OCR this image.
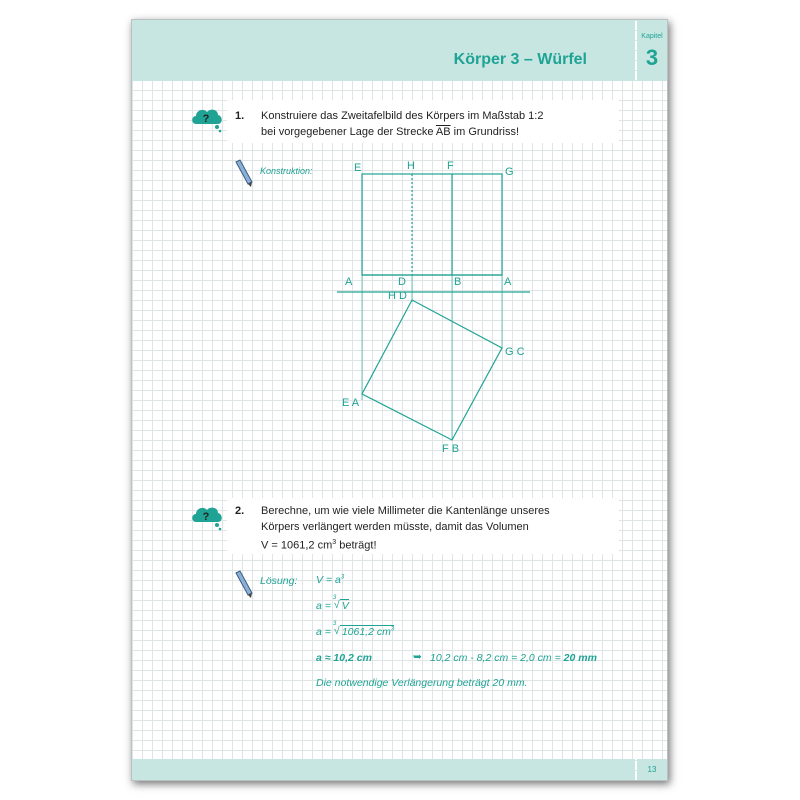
Körper 3 – Würfel
Kapitel
3
? 1. Konstruiere das Zweitafelbild des Körpers im Maßstab 1:2
bei vorgegebener Lage der Strecke $\overline{AB}$ im Grundriss!
Konstruktion:	E	H	F	G
A	D	B	A
H D
G C
E A
F B
? 2. Berechne, um wie viele Millimeter die Kantenlänge unseres
Körpers verlängert werden müsste, damit das Volumen
V = 1061,2 $cm^3$ beträgt!
Lösung: $V = a^3$
a =
3
√ V
a =
3
√ 1061,2 $cm^3$
a ≈ 10,2 cm	➥ 10,2 cm - 8,2 cm = 2,0 cm = 20 mm
Die notwendige Verlängerung beträgt 20 mm.
13
